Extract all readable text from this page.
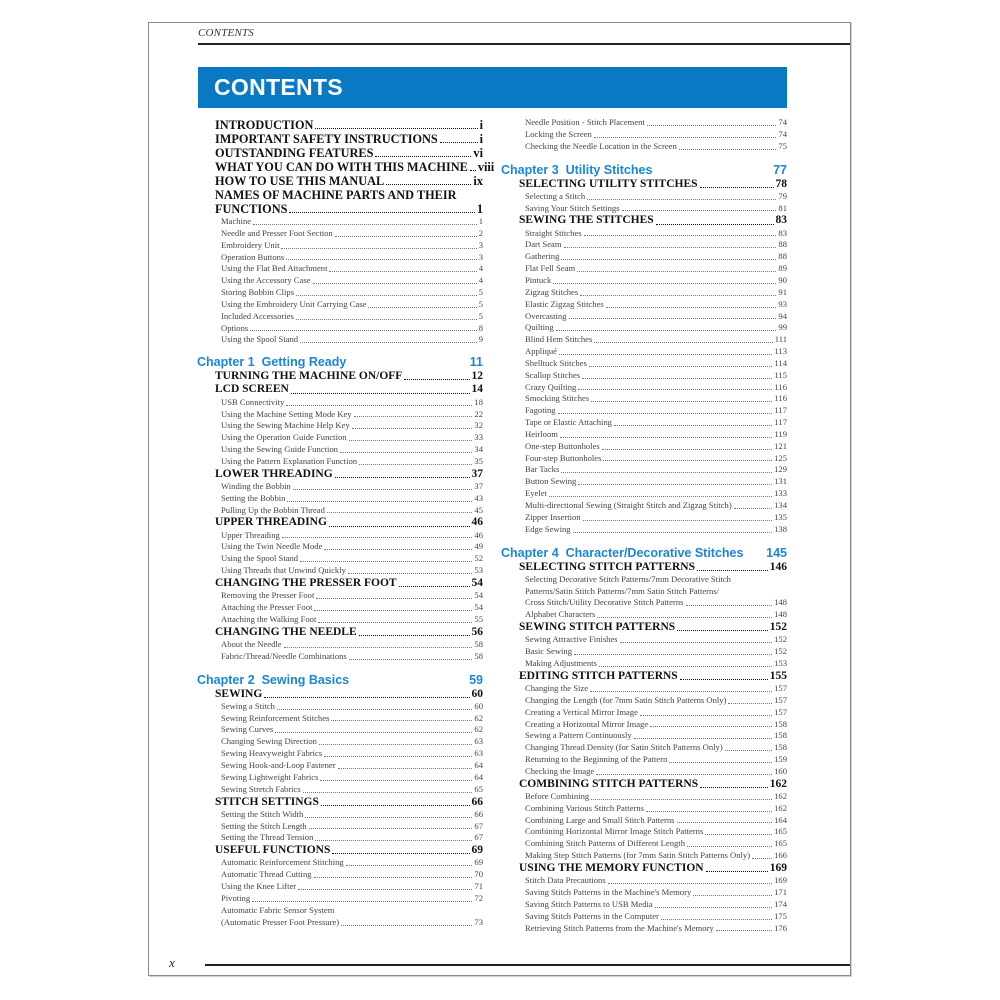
CONTENTS
CONTENTS
INTRODUCTION	i
IMPORTANT SAFETY INSTRUCTIONS	i
OUTSTANDING FEATURES	vi
WHAT YOU CAN DO WITH THIS MACHINE viii
HOW TO USE THIS MANUAL	ix
NAMES OF MACHINE PARTS AND THEIR
FUNCTIONS	1
Machine	1
Needle and Presser Foot Section	2
Embroidery Unit	3
Operation Buttons	3
Using the Flat Bed Attachment	4
Using the Accessory Case	4
Storing Bobbin Clips	5
Using the Embroidery Unit Carrying Case	5
Included Accessories	5
Options	8
Using the Spool Stand	9
Chapter 1  Getting Ready	11
TURNING THE MACHINE ON/OFF	12
LCD SCREEN	14
USB Connectivity	18
Using the Machine Setting Mode Key	22
Using the Sewing Machine Help Key	32
Using the Operation Guide Function	33
Using the Sewing Guide Function	34
Using the Pattern Explanation Function	35
LOWER THREADING	37
Winding the Bobbin	37
Setting the Bobbin	43
Pulling Up the Bobbin Thread	45
UPPER THREADING	46
Upper Threading	46
Using the Twin Needle Mode	49
Using the Spool Stand	52
Using Threads that Unwind Quickly	53
CHANGING THE PRESSER FOOT	54
Removing the Presser Foot	54
Attaching the Presser Foot	54
Attaching the Walking Foot	55
CHANGING THE NEEDLE	56
About the Needle	58
Fabric/Thread/Needle Combinations	58
Chapter 2  Sewing Basics	59
SEWING	60
Sewing a Stitch	60
Sewing Reinforcement Stitches	62
Sewing Curves	62
Changing Sewing Direction	63
Sewing Heavyweight Fabrics	63
Sewing Hook-and-Loop Fastener	64
Sewing Lightweight Fabrics	64
Sewing Stretch Fabrics	65
STITCH SETTINGS	66
Setting the Stitch Width	66
Setting the Stitch Length	67
Setting the Thread Tension	67
USEFUL FUNCTIONS	69
Automatic Reinforcement Stitching	69
Automatic Thread Cutting	70
Using the Knee Lifter	71
Pivoting	72
Automatic Fabric Sensor System
(Automatic Presser Foot Pressure)	73
Needle Position - Stitch Placement	74
Locking the Screen	74
Checking the Needle Location in the Screen	75
Chapter 3  Utility Stitches	77
SELECTING UTILITY STITCHES	78
Selecting a Stitch	79
Saving Your Stitch Settings	81
SEWING THE STITCHES	83
Straight Stitches	83
Dart Seam	88
Gathering	88
Flat Fell Seam	89
Pintuck	90
Zigzag Stitches	91
Elastic Zigzag Stitches	93
Overcasting	94
Quilting	99
Blind Hem Stitches	111
Appliqué	113
Shelltuck Stitches	114
Scallop Stitches	115
Crazy Quilting	116
Smocking Stitches	116
Fagoting	117
Tape or Elastic Attaching	117
Heirloom	119
One-step Buttonholes	121
Four-step Buttonholes	125
Bar Tacks	129
Button Sewing	131
Eyelet	133
Multi-directional Sewing (Straight Stitch and Zigzag Stitch)	134
Zipper Insertion	135
Edge Sewing	138
Chapter 4  Character/Decorative Stitches 145
SELECTING STITCH PATTERNS	146
Selecting Decorative Stitch Patterns/7mm Decorative Stitch
Patterns/Satin Stitch Patterns/7mm Satin Stitch Patterns/
Cross Stitch/Utility Decorative Stitch Patterns	148
Alphabet Characters	148
SEWING STITCH PATTERNS	152
Sewing Attractive Finishes	152
Basic Sewing	152
Making Adjustments	153
EDITING STITCH PATTERNS	155
Changing the Size	157
Changing the Length (for 7mm Satin Stitch Patterns Only)	157
Creating a Vertical Mirror Image	157
Creating a Horizontal Mirror Image	158
Sewing a Pattern Continuously	158
Changing Thread Density (for Satin Stitch Patterns Only)	158
Returning to the Beginning of the Pattern	159
Checking the Image	160
COMBINING STITCH PATTERNS	162
Before Combining	162
Combining Various Stitch Patterns	162
Combining Large and Small Stitch Patterns	164
Combining Horizontal Mirror Image Stitch Patterns	165
Combining Stitch Patterns of Different Length	165
Making Step Stitch Patterns (for 7mm Satin Stitch Patterns Only)	166
USING THE MEMORY FUNCTION	169
Stitch Data Precautions	169
Saving Stitch Patterns in the Machine's Memory	171
Saving Stitch Patterns to USB Media	174
Saving Stitch Patterns in the Computer	175
Retrieving Stitch Patterns from the Machine's Memory	176
x
